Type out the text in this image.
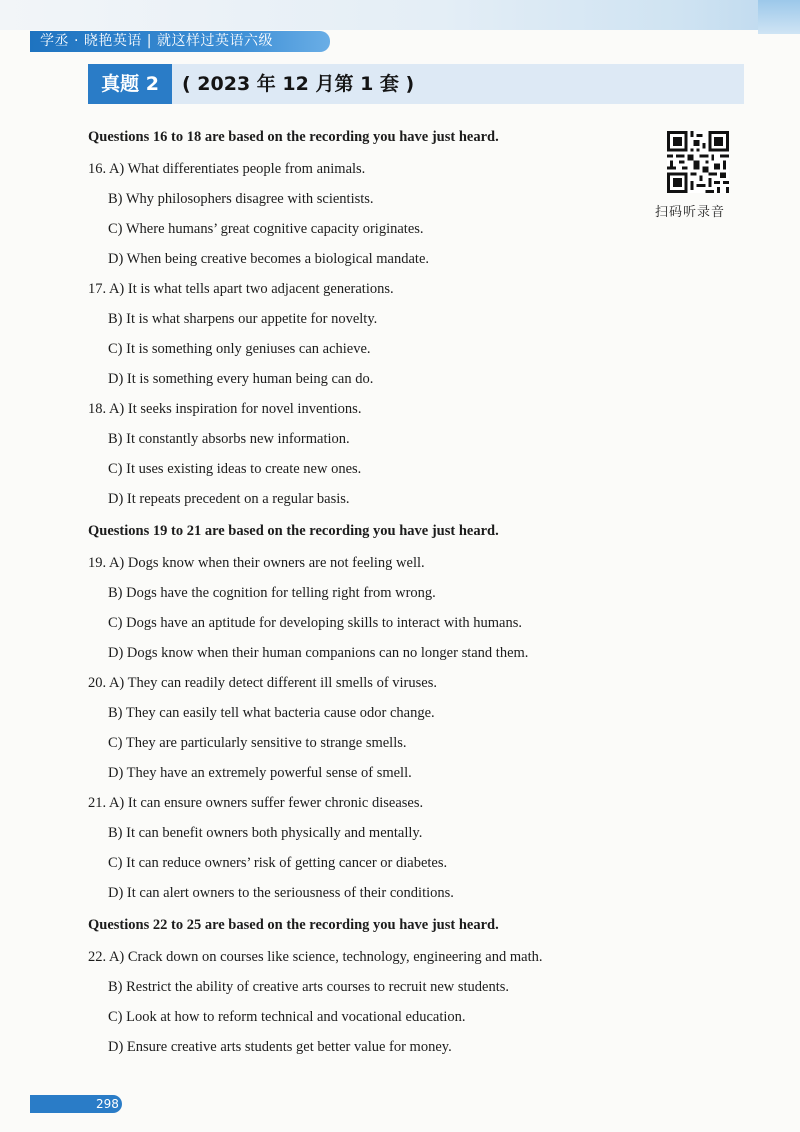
学丞 · 晓艳英语 | 就这样过英语六级
真题 2	( 2023 年 12 月第 1 套 )
扫码听录音
Questions 16 to 18 are based on the recording you have just heard.
16. A) What differentiates people from animals.
B) Why philosophers disagree with scientists.
C) Where humans’ great cognitive capacity originates.
D) When being creative becomes a biological mandate.
17. A) It is what tells apart two adjacent generations.
B) It is what sharpens our appetite for novelty.
C) It is something only geniuses can achieve.
D) It is something every human being can do.
18. A) It seeks inspiration for novel inventions.
B) It constantly absorbs new information.
C) It uses existing ideas to create new ones.
D) It repeats precedent on a regular basis.
Questions 19 to 21 are based on the recording you have just heard.
19. A) Dogs know when their owners are not feeling well.
B) Dogs have the cognition for telling right from wrong.
C) Dogs have an aptitude for developing skills to interact with humans.
D) Dogs know when their human companions can no longer stand them.
20. A) They can readily detect different ill smells of viruses.
B) They can easily tell what bacteria cause odor change.
C) They are particularly sensitive to strange smells.
D) They have an extremely powerful sense of smell.
21. A) It can ensure owners suffer fewer chronic diseases.
B) It can benefit owners both physically and mentally.
C) It can reduce owners’ risk of getting cancer or diabetes.
D) It can alert owners to the seriousness of their conditions.
Questions 22 to 25 are based on the recording you have just heard.
22. A) Crack down on courses like science, technology, engineering and math.
B) Restrict the ability of creative arts courses to recruit new students.
C) Look at how to reform technical and vocational education.
D) Ensure creative arts students get better value for money.
298
